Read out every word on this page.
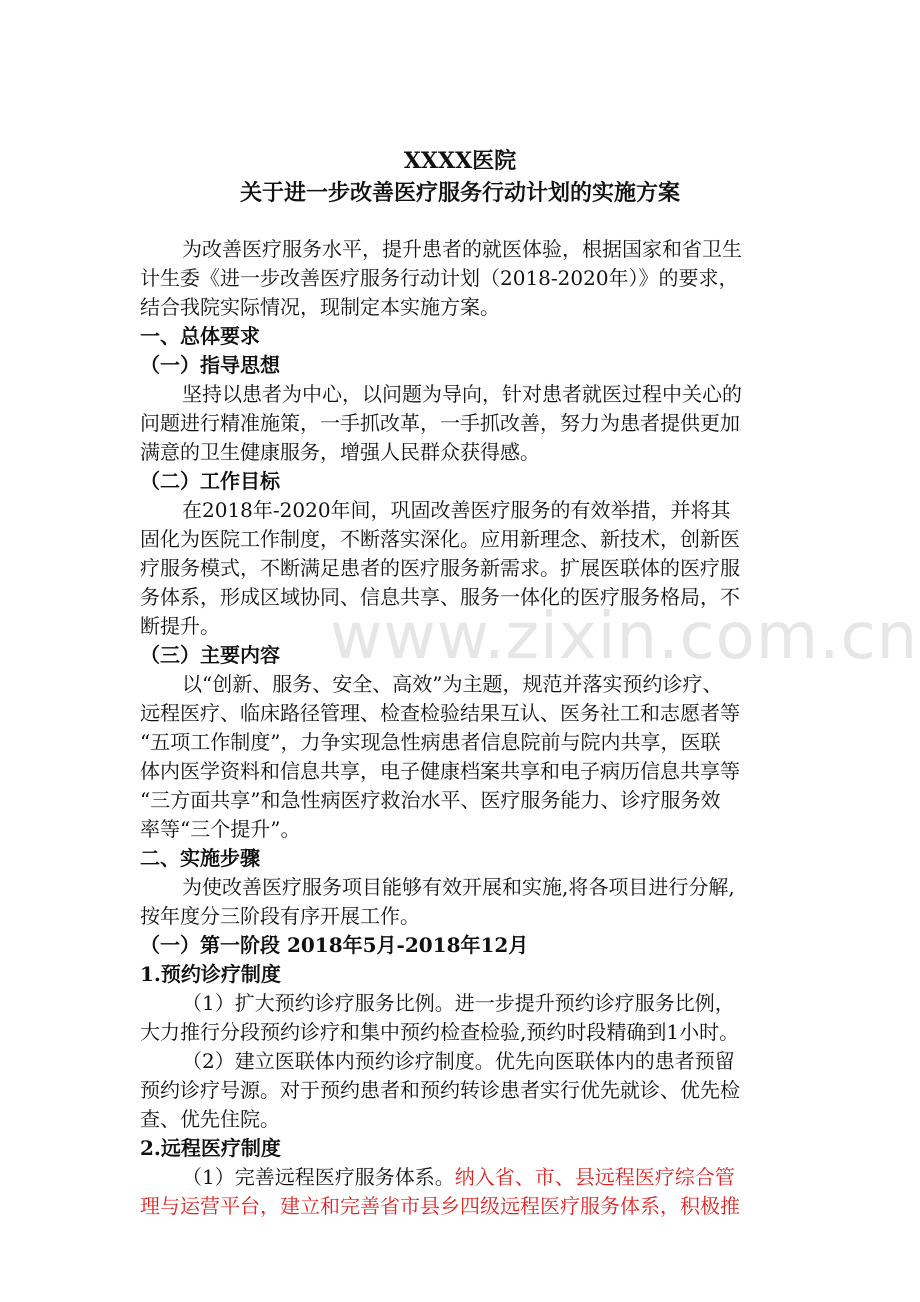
www.zixin.com.cn
XXXX医院
关于进一步改善医疗服务行动计划的实施方案
为改善医疗服务水平，提升患者的就医体验，根据国家和省卫生
计生委《进一步改善医疗服务行动计划（2018-2020年）》的要求，
结合我院实际情况，现制定本实施方案。
一、总体要求
（一）指导思想
坚持以患者为中心，以问题为导向，针对患者就医过程中关心的
问题进行精准施策，一手抓改革，一手抓改善，努力为患者提供更加
满意的卫生健康服务，增强人民群众获得感。
（二）工作目标
在2018年-2020年间，巩固改善医疗服务的有效举措，并将其
固化为医院工作制度，不断落实深化。应用新理念、新技术，创新医
疗服务模式，不断满足患者的医疗服务新需求。扩展医联体的医疗服
务体系，形成区域协同、信息共享、服务一体化的医疗服务格局，不
断提升。
（三）主要内容
以“创新、服务、安全、高效”为主题，规范并落实预约诊疗、
远程医疗、临床路径管理、检查检验结果互认、医务社工和志愿者等
“五项工作制度”，力争实现急性病患者信息院前与院内共享，医联
体内医学资料和信息共享，电子健康档案共享和电子病历信息共享等
“三方面共享”和急性病医疗救治水平、医疗服务能力、诊疗服务效
率等“三个提升”。
二、实施步骤
为使改善医疗服务项目能够有效开展和实施,将各项目进行分解,
按年度分三阶段有序开展工作。
（一）第一阶段 2018年5月-2018年12月
1.预约诊疗制度
（1）扩大预约诊疗服务比例。进一步提升预约诊疗服务比例，
大力推行分段预约诊疗和集中预约检查检验,预约时段精确到1小时。
（2）建立医联体内预约诊疗制度。优先向医联体内的患者预留
预约诊疗号源。对于预约患者和预约转诊患者实行优先就诊、优先检
查、优先住院。
2.远程医疗制度
（1）完善远程医疗服务体系。纳入省、市、县远程医疗综合管
理与运营平台，建立和完善省市县乡四级远程医疗服务体系，积极推
